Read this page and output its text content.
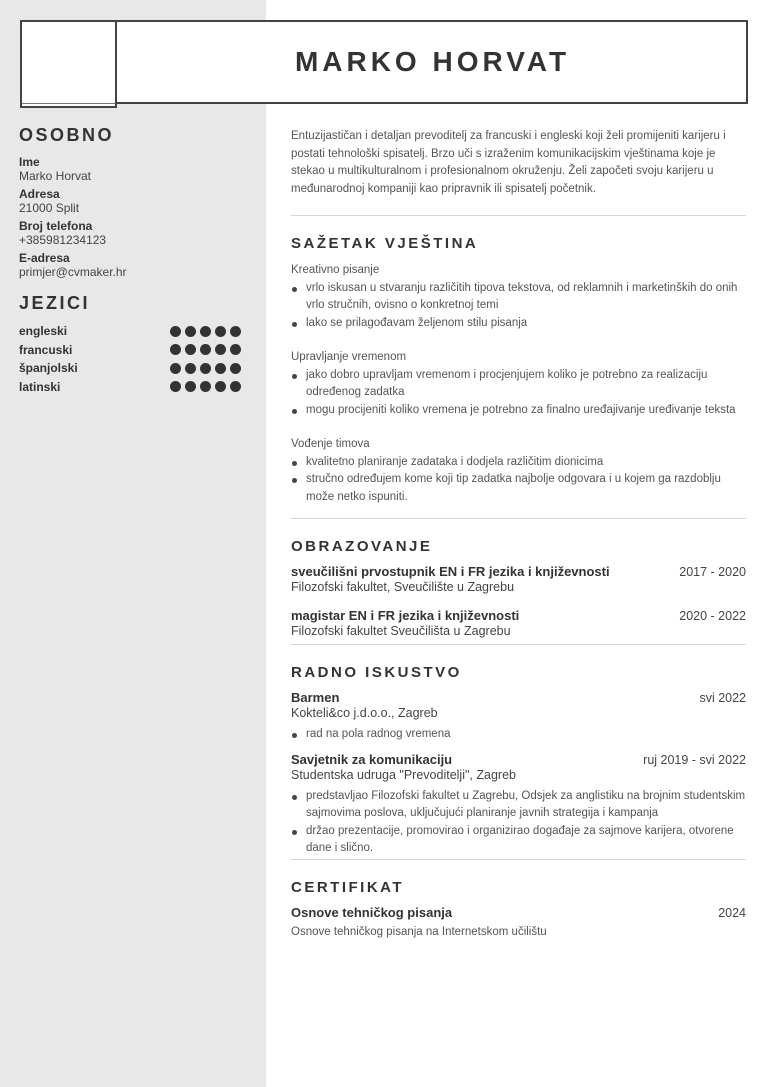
MARKO HORVAT
OSOBNO
Ime
Marko Horvat
Adresa
21000 Split
Broj telefona
+385981234123
E-adresa
primjer@cvmaker.hr
JEZICI
engleski
francuski
španjolski
latinski

Entuzijastičan i detaljan prevoditelj za francuski i engleski koji želi promijeniti karijeru i postati tehnološki spisatelj. Brzo uči s izraženim komunikacijskim vještinama koje je stekao u multikulturalnom i profesionalnom okruženju. Želi započeti svoju karijeru u međunarodnoj kompaniji kao pripravnik ili spisatelj početnik.

SAŽETAK VJEŠTINA
Kreativno pisanje
vrlo iskusan u stvaranju različitih tipova tekstova, od reklamnih i marketinških do onih vrlo stručnih, ovisno o konkretnoj temi
lako se prilagođavam željenom stilu pisanja
Upravljanje vremenom
jako dobro upravljam vremenom i procjenjujem koliko je potrebno za realizaciju određenog zadatka
mogu procijeniti koliko vremena je potrebno za finalno uređajivanje uređivanje teksta
Vođenje timova
kvalitetno planiranje zadataka i dodjela različitim dionicima
stručno određujem kome koji tip zadatka najbolje odgovara i u kojem ga razdoblju može netko ispuniti.
OBRAZOVANJE
sveučilišni prvostupnik EN i FR jezika i književnosti	2017 - 2020
Filozofski fakultet, Sveučilište u Zagrebu
magistar EN i FR jezika i književnosti	2020 - 2022
Filozofski fakultet Sveučilišta u Zagrebu
RADNO ISKUSTVO
Barmen	svi 2022
Kokteli&co j.d.o.o., Zagreb
rad na pola radnog vremena
Savjetnik za komunikaciju	ruj 2019 - svi 2022
Studentska udruga "Prevoditelji", Zagreb
predstavljao Filozofski fakultet u Zagrebu, Odsjek za anglistiku na brojnim studentskim sajmovima poslova, uključujući planiranje javnih strategija i kampanja
držao prezentacije, promovirao i organizirao događaje za sajmove karijera, otvorene dane i slično.
CERTIFIKAT
Osnove tehničkog pisanja	2024
Osnove tehničkog pisanja na Internetskom učilištu
